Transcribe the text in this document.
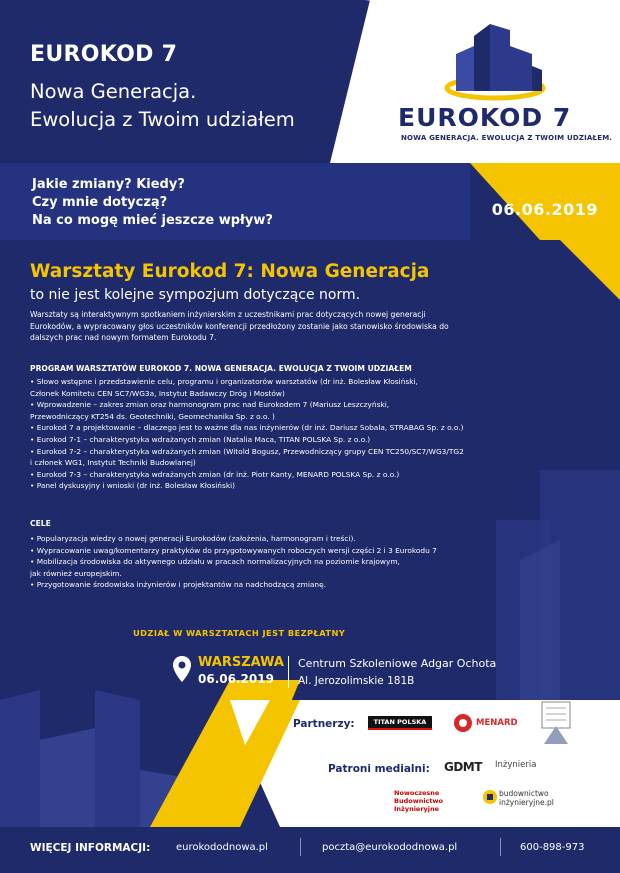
EUROKOD 7
NOWA GENERACJA. EWOLUCJA Z TWOIM UDZIAŁEM.
EUROKOD 7
Nowa Generacja.
Ewolucja z Twoim udziałem
Jakie zmiany? Kiedy?
Czy mnie dotyczą?
Na co mogę mieć jeszcze wpływ?
WARSZAWA
06.06.2019
Warsztaty Eurokod 7: Nowa Generacja
to nie jest kolejne sympozjum dotyczące norm.
Warsztaty są interaktywnym spotkaniem inżynierskim z uczestnikami prac dotyczących nowej generacji Eurokodów, a wypracowany głos uczestników konferencji przedłożony zostanie jako stanowisko środowiska do dalszych prac nad nowym formatem Eurokodu 7.
PROGRAM WARSZTATÓW EUROKOD 7. NOWA GENERACJA. EWOLUCJA Z TWOIM UDZIAŁEM
• Słowo wstępne i przedstawienie celu, programu i organizatorów warsztatów (dr inż. Bolesław Kłosiński,
Członek Komitetu CEN SC7/WG3a, Instytut Badawczy Dróg i Mostów)
• Wprowadzenie – zakres zmian oraz harmonogram prac nad Eurokodem 7 (Mariusz Leszczyński,
Przewodniczący KT254 ds. Geotechniki, Geomechanika Sp. z o.o. )
• Eurokod 7 a projektowanie – dlaczego jest to ważne dla nas inżynierów (dr inż. Dariusz Sobala, STRABAG Sp. z o.o.)
• Eurokod 7-1 – charakterystyka wdrażanych zmian (Natalia Maca, TITAN POLSKA Sp. z o.o.)
• Eurokod 7-2 – charakterystyka wdrażanych zmian (Witold Bogusz, Przewodniczący grupy CEN TC250/SC7/WG3/TG2
i członek WG1, Instytut Techniki Budowlanej)
• Eurokod 7-3 – charakterystyka wdrażanych zmian (dr inż. Piotr Kanty, MENARD POLSKA Sp. z o.o.)
• Panel dyskusyjny i wnioski (dr inż. Bolesław Kłosiński)
CELE
• Popularyzacja wiedzy o nowej generacji Eurokodów (założenia, harmonogram i treści).
• Wypracowanie uwag/komentarzy praktyków do przygotowywanych roboczych wersji części 2 i 3 Eurokodu 7
• Mobilizacja środowiska do aktywnego udziału w pracach normalizacyjnych na poziomie krajowym,
jak również europejskim.
• Przygotowanie środowiska inżynierów i projektantów na nadchodzącą zmianę.
UDZIAŁ W WARSZTATACH JEST BEZPŁATNY
WARSZAWA
06.06.2019
Centrum Szkoleniowe Adgar Ochota
Al. Jerozolimskie 181B
Partnerzy:	TITAN POLSKA	MENARD
Patroni medialni: GDMT Inżynieria
Nowoczesne Budownictwo Inżynieryjne
budownictwo inżynieryjne.pl
WIĘCEJ INFORMACJI:	eurokododnowa.pl	poczta@eurokododnowa.pl	600-898-973
